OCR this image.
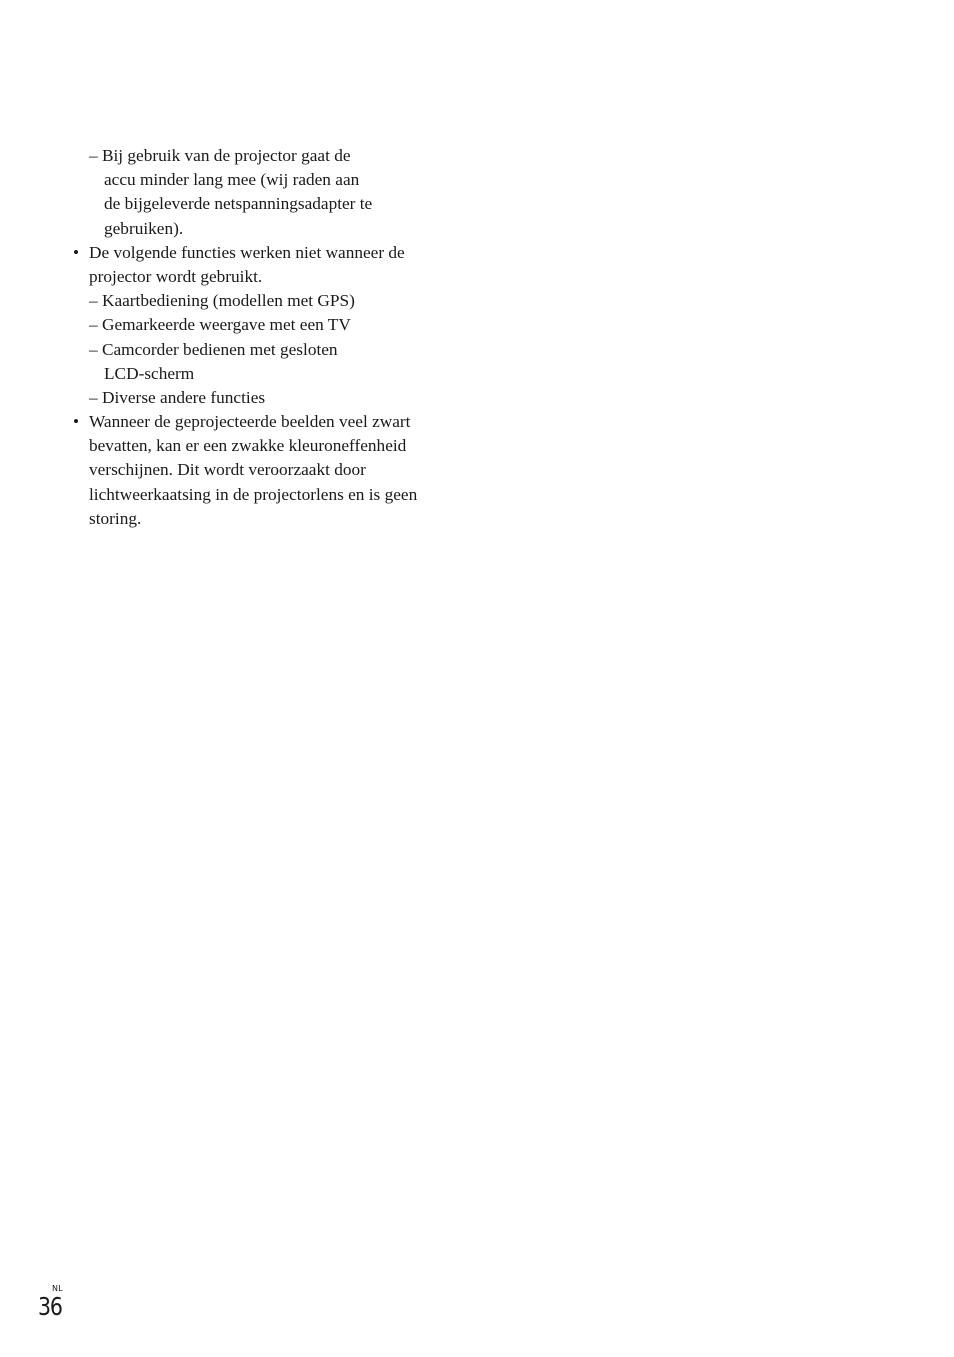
– Bij gebruik van de projector gaat de
accu minder lang mee (wij raden aan
de bijgeleverde netspanningsadapter te
gebruiken).
• De volgende functies werken niet wanneer de
projector wordt gebruikt.
– Kaartbediening (modellen met GPS)
– Gemarkeerde weergave met een TV
– Camcorder bedienen met gesloten
LCD-scherm
– Diverse andere functies
• Wanneer de geprojecteerde beelden veel zwart
bevatten, kan er een zwakke kleuroneffenheid
verschijnen. Dit wordt veroorzaakt door
lichtweerkaatsing in de projectorlens en is geen
storing.
NL
36
